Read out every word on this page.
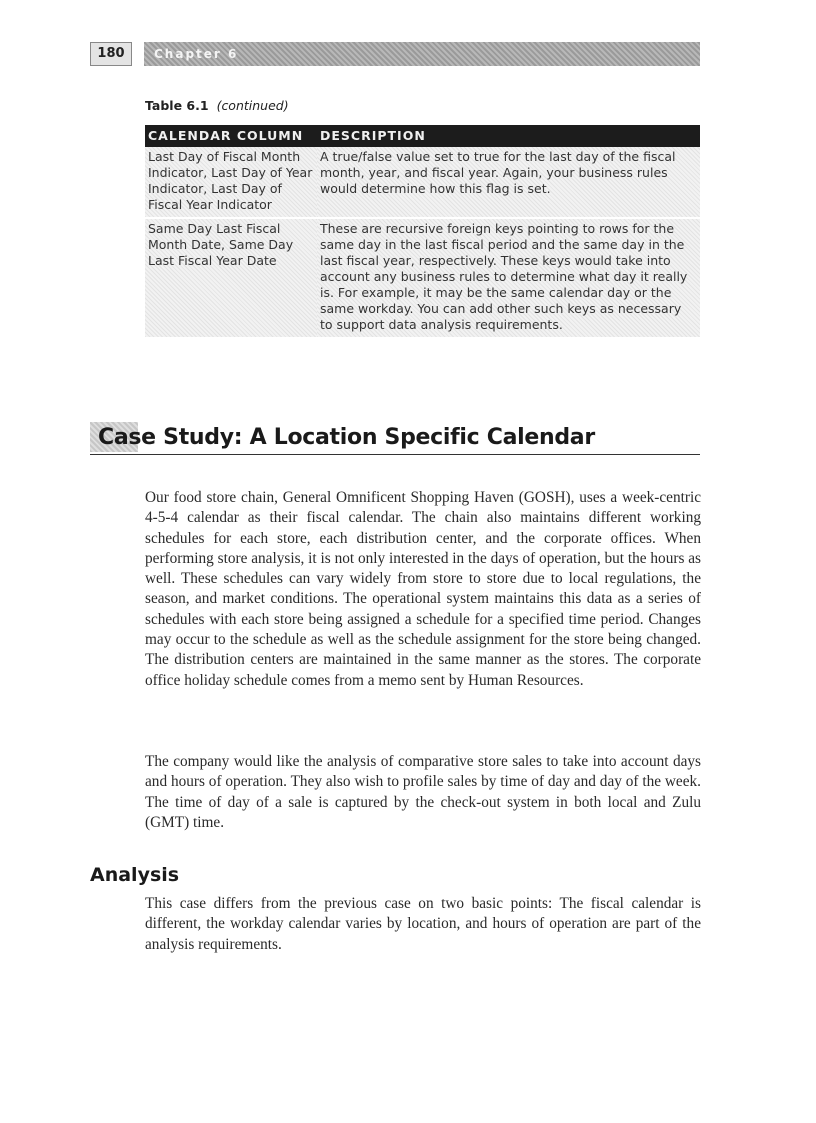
180	Chapter 6
Table 6.1 (continued)
CALENDAR COLUMN	DESCRIPTION
Last Day of Fiscal Month Indicator, Last Day of Year Indicator, Last Day of Fiscal Year Indicator	A true/false value set to true for the last day of the fiscal month, year, and fiscal year. Again, your business rules would determine how this flag is set.
Same Day Last Fiscal Month Date, Same Day Last Fiscal Year Date	These are recursive foreign keys pointing to rows for the same day in the last fiscal period and the same day in the last fiscal year, respectively. These keys would take into account any business rules to determine what day it really is. For example, it may be the same calendar day or the same workday. You can add other such keys as necessary to support data analysis requirements.
Case Study: A Location Specific Calendar

Our food store chain, General Omnificent Shopping Haven (GOSH), uses a week-centric 4-5-4 calendar as their fiscal calendar. The chain also maintains different working schedules for each store, each distribution center, and the corporate offices. When performing store analysis, it is not only interested in the days of operation, but the hours as well. These schedules can vary widely from store to store due to local regulations, the season, and market conditions. The operational system maintains this data as a series of schedules with each store being assigned a schedule for a specified time period. Changes may occur to the schedule as well as the schedule assignment for the store being changed. The distribution centers are maintained in the same manner as the stores. The corporate office holiday schedule comes from a memo sent by Human Resources.

The company would like the analysis of comparative store sales to take into account days and hours of operation. They also wish to profile sales by time of day and day of the week. The time of day of a sale is captured by the check-out system in both local and Zulu (GMT) time.

Analysis

This case differs from the previous case on two basic points: The fiscal calendar is different, the workday calendar varies by location, and hours of operation are part of the analysis requirements.
